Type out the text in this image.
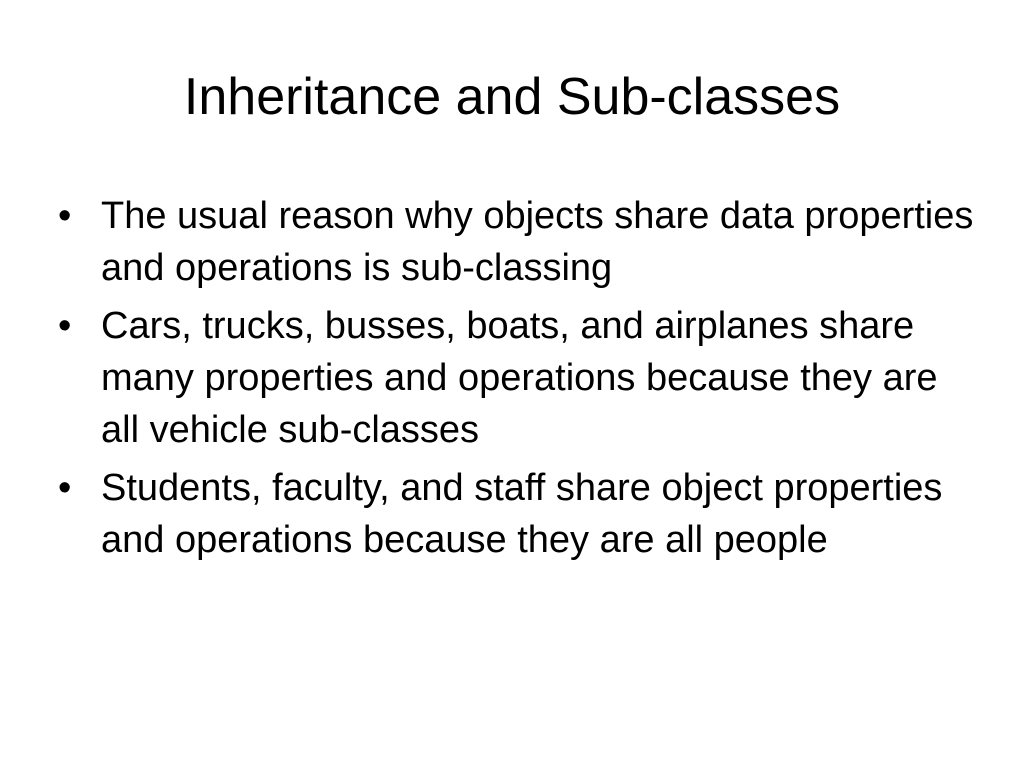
Inheritance and Sub-classes
• The usual reason why objects share data properties and operations is sub-classing
• Cars, trucks, busses, boats, and airplanes share many properties and operations because they are all vehicle sub-classes
• Students, faculty, and staff share object properties and operations because they are all people
